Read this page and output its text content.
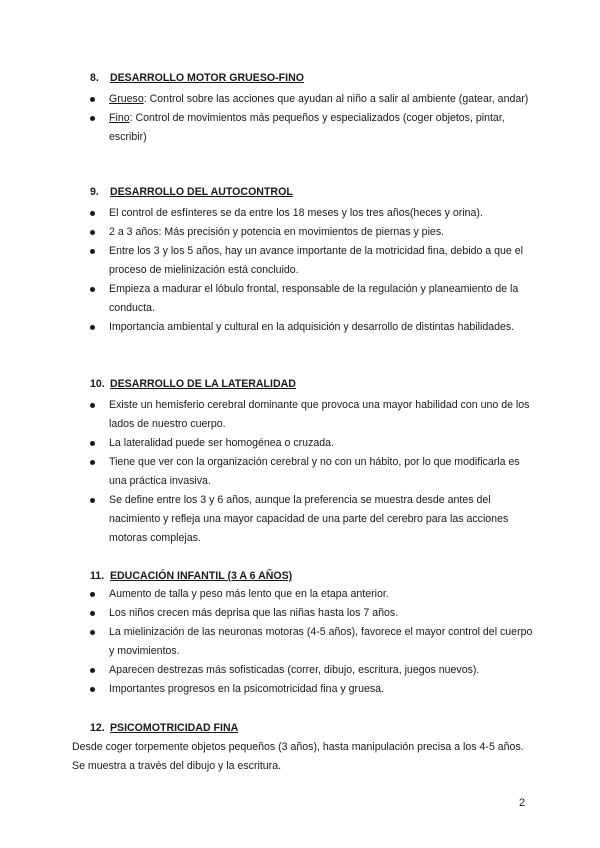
8. DESARROLLO MOTOR GRUESO-FINO
Grueso: Control sobre las acciones que ayudan al niño a salir al ambiente (gatear, andar)
Fino: Control de movimientos más pequeños y especializados (coger objetos, pintar, escribir)
9. DESARROLLO DEL AUTOCONTROL
El control de esfínteres se da entre los 18 meses y los tres años(heces y orina).
2 a 3 años: Más precisión y potencia en movimientos de piernas y pies.
Entre los 3 y los 5 años, hay un avance importante de la motricidad fina, debido a que el proceso de mielinización está concluido.
Empieza a madurar el lóbulo frontal, responsable de la regulación y planeamiento de la conducta.
Importancia ambiental y cultural en la adquisición y desarrollo de distintas habilidades.
10. DESARROLLO DE LA LATERALIDAD
Existe un hemisferio cerebral dominante que provoca una mayor habilidad con uno de los lados de nuestro cuerpo.
La lateralidad puede ser homogénea o cruzada.
Tiene que ver con la organización cerebral y no con un hábito, por lo que modificarla es una práctica invasiva.
Se define entre los 3 y 6 años, aunque la preferencia se muestra desde antes del nacimiento y refleja una mayor capacidad de una parte del cerebro para las acciones motoras complejas.
11. EDUCACIÓN INFANTIL (3 A 6 AÑOS)
Aumento de talla y peso más lento que en la etapa anterior.
Los niños crecen más deprisa que las niñas hasta los 7 años.
La mielinización de las neuronas motoras (4-5 años), favorece el mayor control del cuerpo y movimientos.
Aparecen destrezas más sofisticadas (correr, dibujo, escritura, juegos nuevos).
Importantes progresos en la psicomotricidad fina y gruesa.
12. PSICOMOTRICIDAD FINA
Desde coger torpemente objetos pequeños (3 años), hasta manipulación precisa a los 4-5 años. Se muestra a través del dibujo y la escritura.
2
